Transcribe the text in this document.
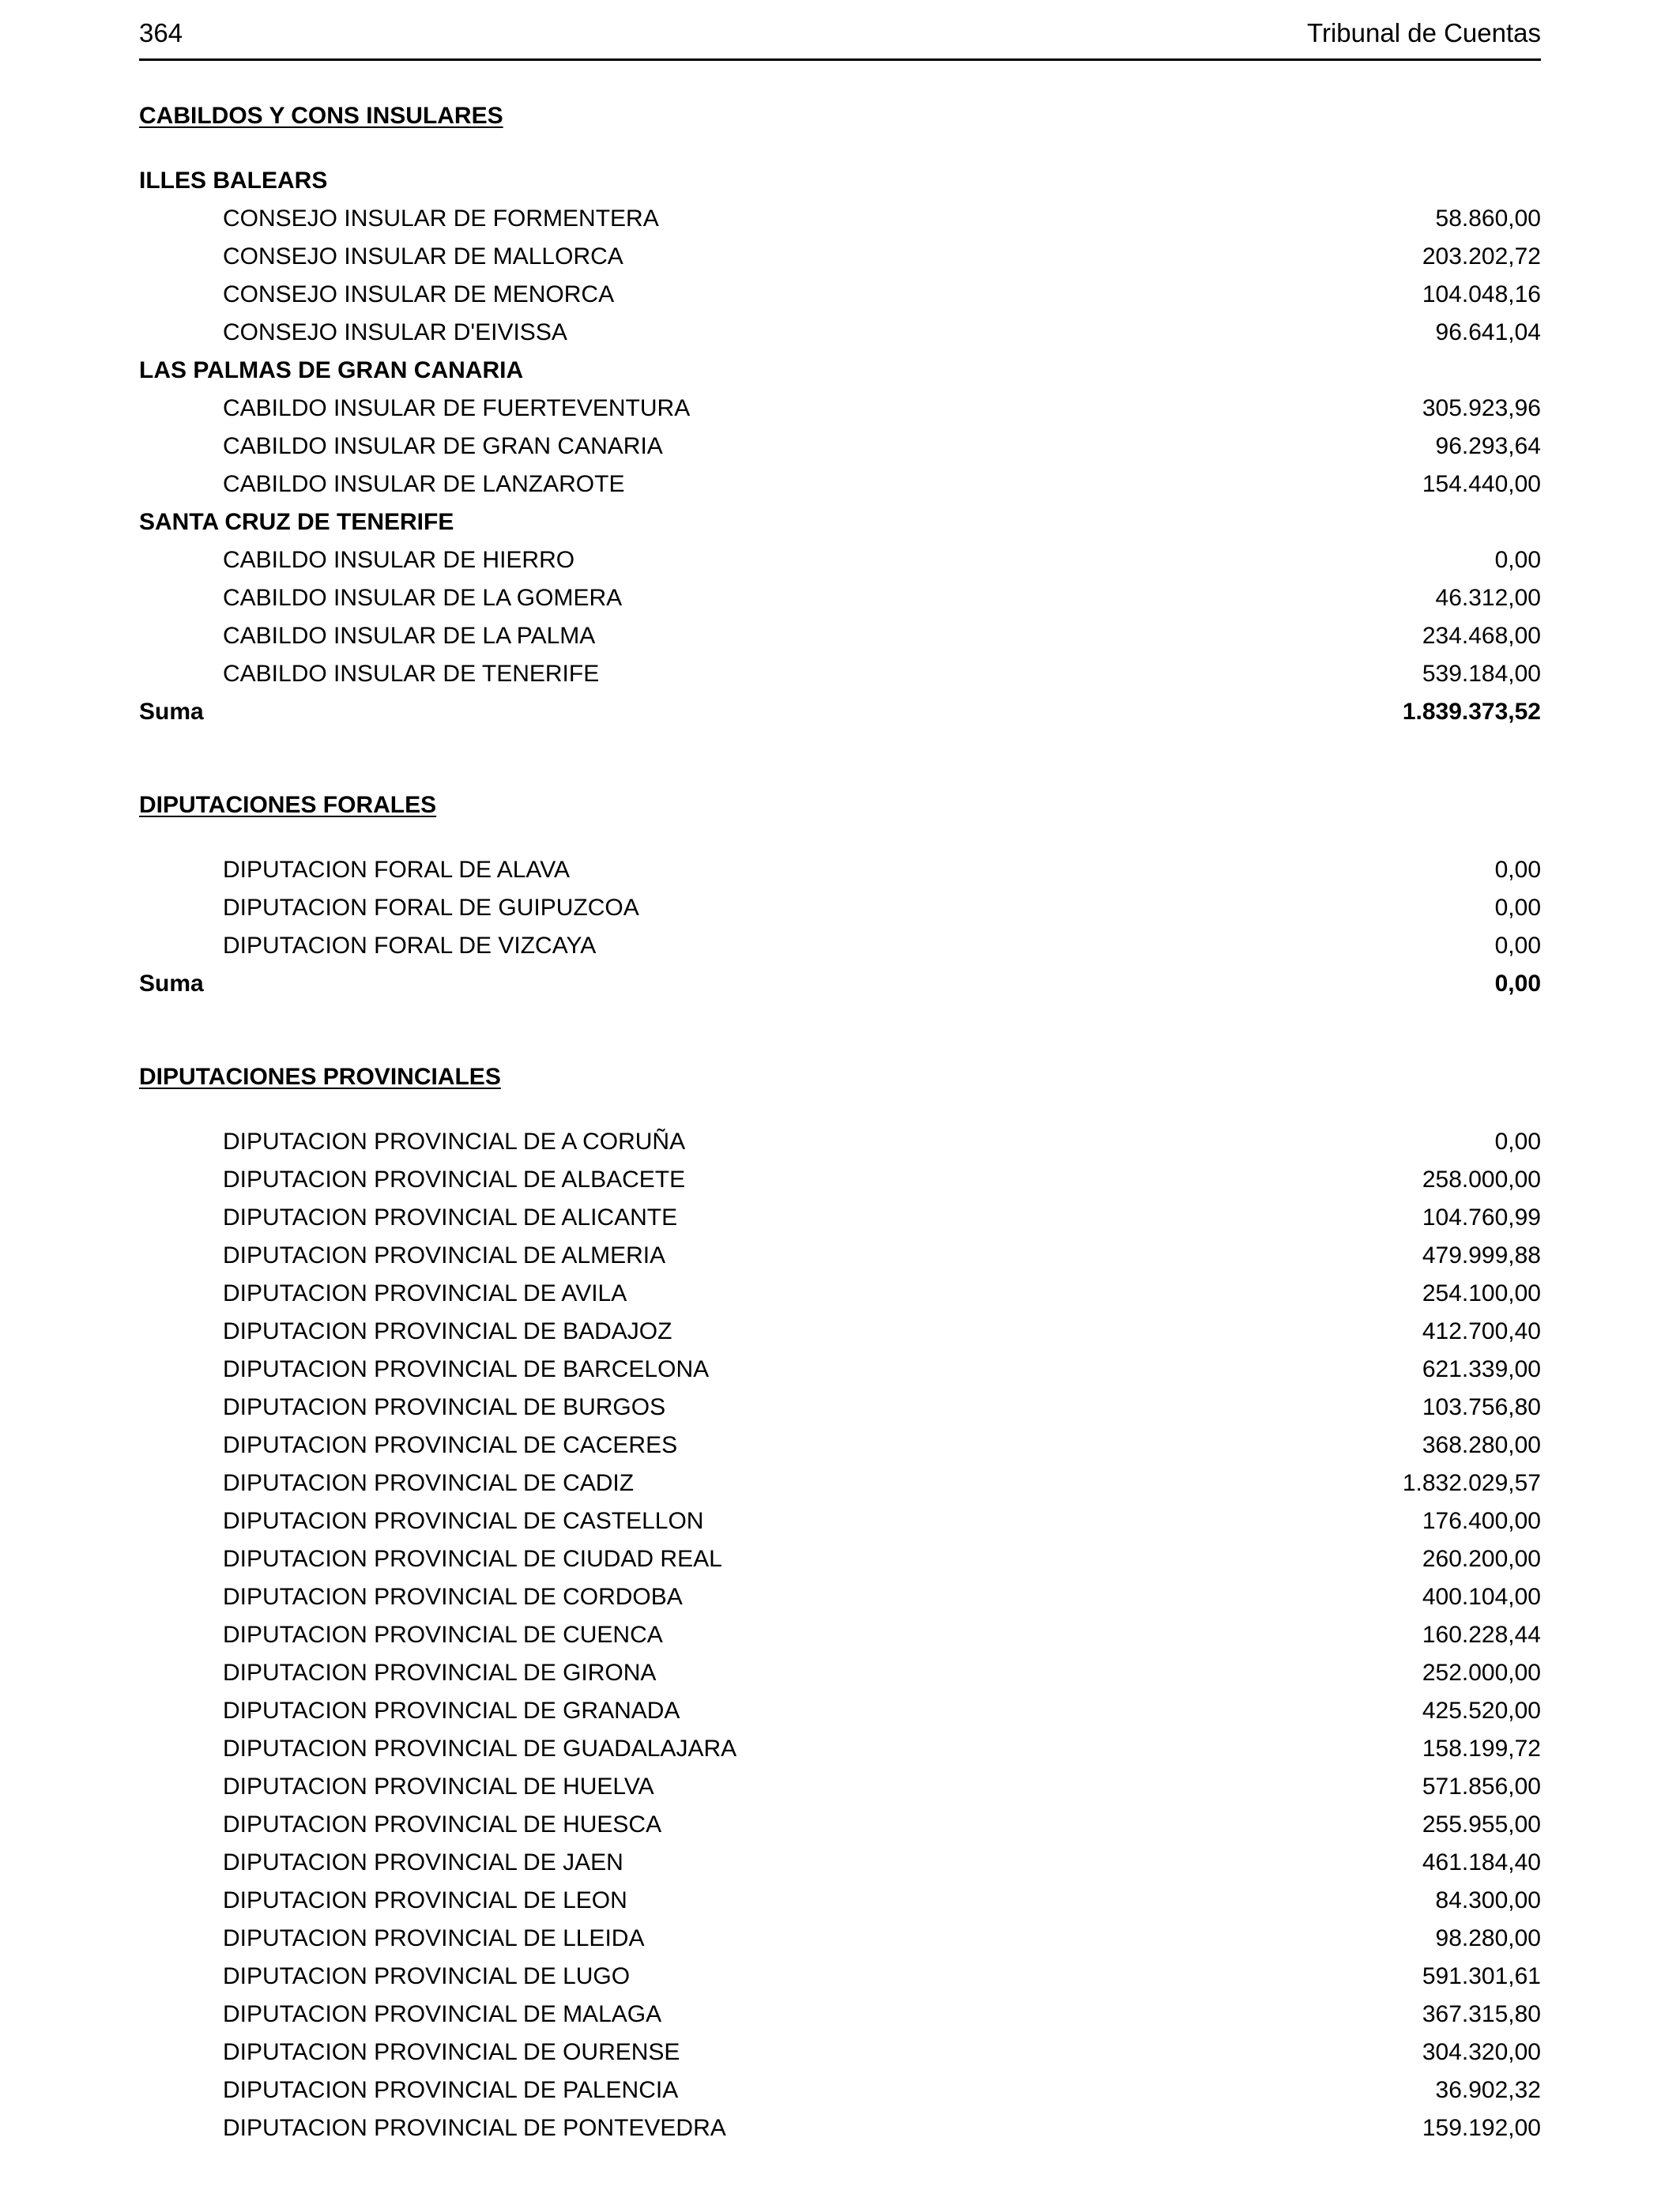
364	Tribunal de Cuentas
CABILDOS Y CONS INSULARES
ILLES BALEARS
CONSEJO INSULAR DE FORMENTERA	58.860,00
CONSEJO INSULAR DE MALLORCA	203.202,72
CONSEJO INSULAR DE MENORCA	104.048,16
CONSEJO INSULAR D'EIVISSA	96.641,04
LAS PALMAS DE GRAN CANARIA
CABILDO INSULAR DE FUERTEVENTURA	305.923,96
CABILDO INSULAR DE GRAN CANARIA	96.293,64
CABILDO INSULAR DE LANZAROTE	154.440,00
SANTA CRUZ DE TENERIFE
CABILDO INSULAR DE HIERRO	0,00
CABILDO INSULAR DE LA GOMERA	46.312,00
CABILDO INSULAR DE LA PALMA	234.468,00
CABILDO INSULAR DE TENERIFE	539.184,00
Suma	1.839.373,52
DIPUTACIONES FORALES
DIPUTACION FORAL DE ALAVA	0,00
DIPUTACION FORAL DE GUIPUZCOA	0,00
DIPUTACION FORAL DE VIZCAYA	0,00
Suma	0,00
DIPUTACIONES PROVINCIALES
DIPUTACION PROVINCIAL DE A CORUÑA	0,00
DIPUTACION PROVINCIAL DE ALBACETE	258.000,00
DIPUTACION PROVINCIAL DE ALICANTE	104.760,99
DIPUTACION PROVINCIAL DE ALMERIA	479.999,88
DIPUTACION PROVINCIAL DE AVILA	254.100,00
DIPUTACION PROVINCIAL DE BADAJOZ	412.700,40
DIPUTACION PROVINCIAL DE BARCELONA	621.339,00
DIPUTACION PROVINCIAL DE BURGOS	103.756,80
DIPUTACION PROVINCIAL DE CACERES	368.280,00
DIPUTACION PROVINCIAL DE CADIZ	1.832.029,57
DIPUTACION PROVINCIAL DE CASTELLON	176.400,00
DIPUTACION PROVINCIAL DE CIUDAD REAL	260.200,00
DIPUTACION PROVINCIAL DE CORDOBA	400.104,00
DIPUTACION PROVINCIAL DE CUENCA	160.228,44
DIPUTACION PROVINCIAL DE GIRONA	252.000,00
DIPUTACION PROVINCIAL DE GRANADA	425.520,00
DIPUTACION PROVINCIAL DE GUADALAJARA	158.199,72
DIPUTACION PROVINCIAL DE HUELVA	571.856,00
DIPUTACION PROVINCIAL DE HUESCA	255.955,00
DIPUTACION PROVINCIAL DE JAEN	461.184,40
DIPUTACION PROVINCIAL DE LEON	84.300,00
DIPUTACION PROVINCIAL DE LLEIDA	98.280,00
DIPUTACION PROVINCIAL DE LUGO	591.301,61
DIPUTACION PROVINCIAL DE MALAGA	367.315,80
DIPUTACION PROVINCIAL DE OURENSE	304.320,00
DIPUTACION PROVINCIAL DE PALENCIA	36.902,32
DIPUTACION PROVINCIAL DE PONTEVEDRA	159.192,00
